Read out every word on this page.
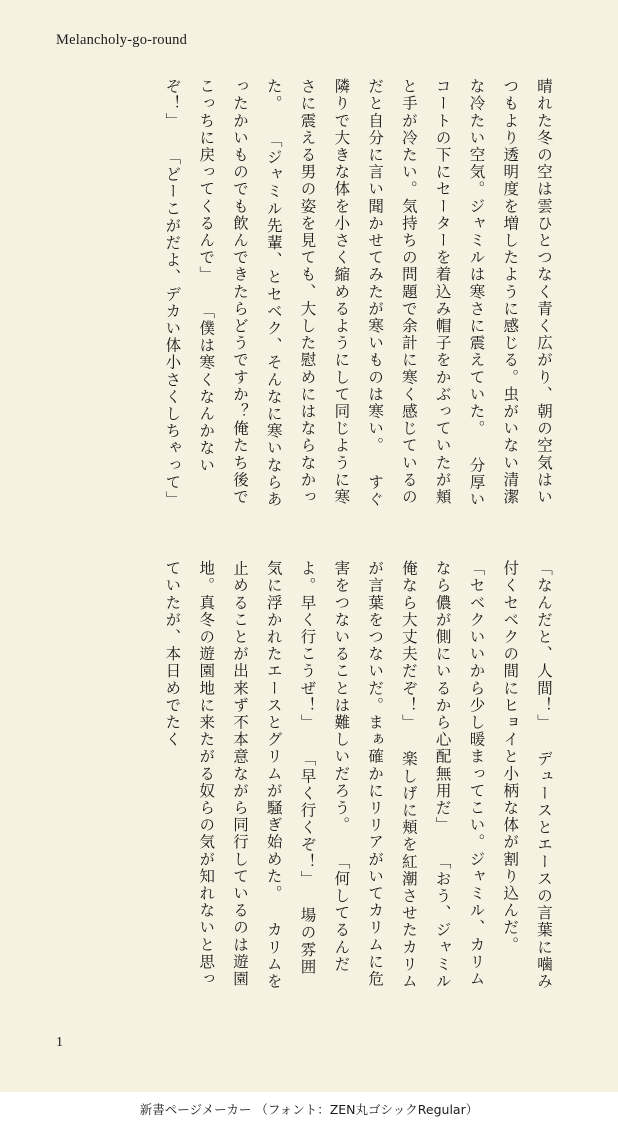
Melancholy-go-round
晴れた冬の空は雲ひとつなく青く広がり、朝の空気はいつもより透明度を増したように感じる。虫がいない清潔な冷たい空気。ジャミルは寒さに震えていた。 分厚いコートの下にセーターを着込み帽子をかぶっていたが頬と手が冷たい。気持ちの問題で余計に寒く感じているのだと自分に言い聞かせてみたが寒いものは寒い。 すぐ隣りで大きな体を小さく縮めるようにして同じように寒さに震える男の姿を見ても、大した慰めにはならなかった。 「ジャミル先輩、とセベク、そんなに寒いならあったかいものでも飲んできたらどうですか？俺たち後でこっちに戻ってくるんで」 「僕は寒くなんかないぞ！」 「どーこがだよ、デカい体小さくしちゃって」
「なんだと、人間！」 デュースとエースの言葉に噛み付くセベクの間にヒョイと小柄な体が割り込んだ。 「セベクいいから少し暖まってこい。ジャミル、カリムなら儂が側にいるから心配無用だ」 「おう、ジャミル俺なら大丈夫だぞ！」 楽しげに頬を紅潮させたカリムが言葉をつないだ。まぁ確かにリリアがいてカリムに危害をつないることは難しいだろう。 「何してるんだよ。早く行こうぜ！」 「早く行くぞ！」 場の雰囲気に浮かれたエースとグリムが騒ぎ始めた。 カリムを止めることが出来ず不本意ながら同行しているのは遊園地。真冬の遊園地に来たがる奴らの気が知れないと思っていたが、本日めでたく
1
新書ページメーカー （フォント：ZEN丸ゴシックRegular）
